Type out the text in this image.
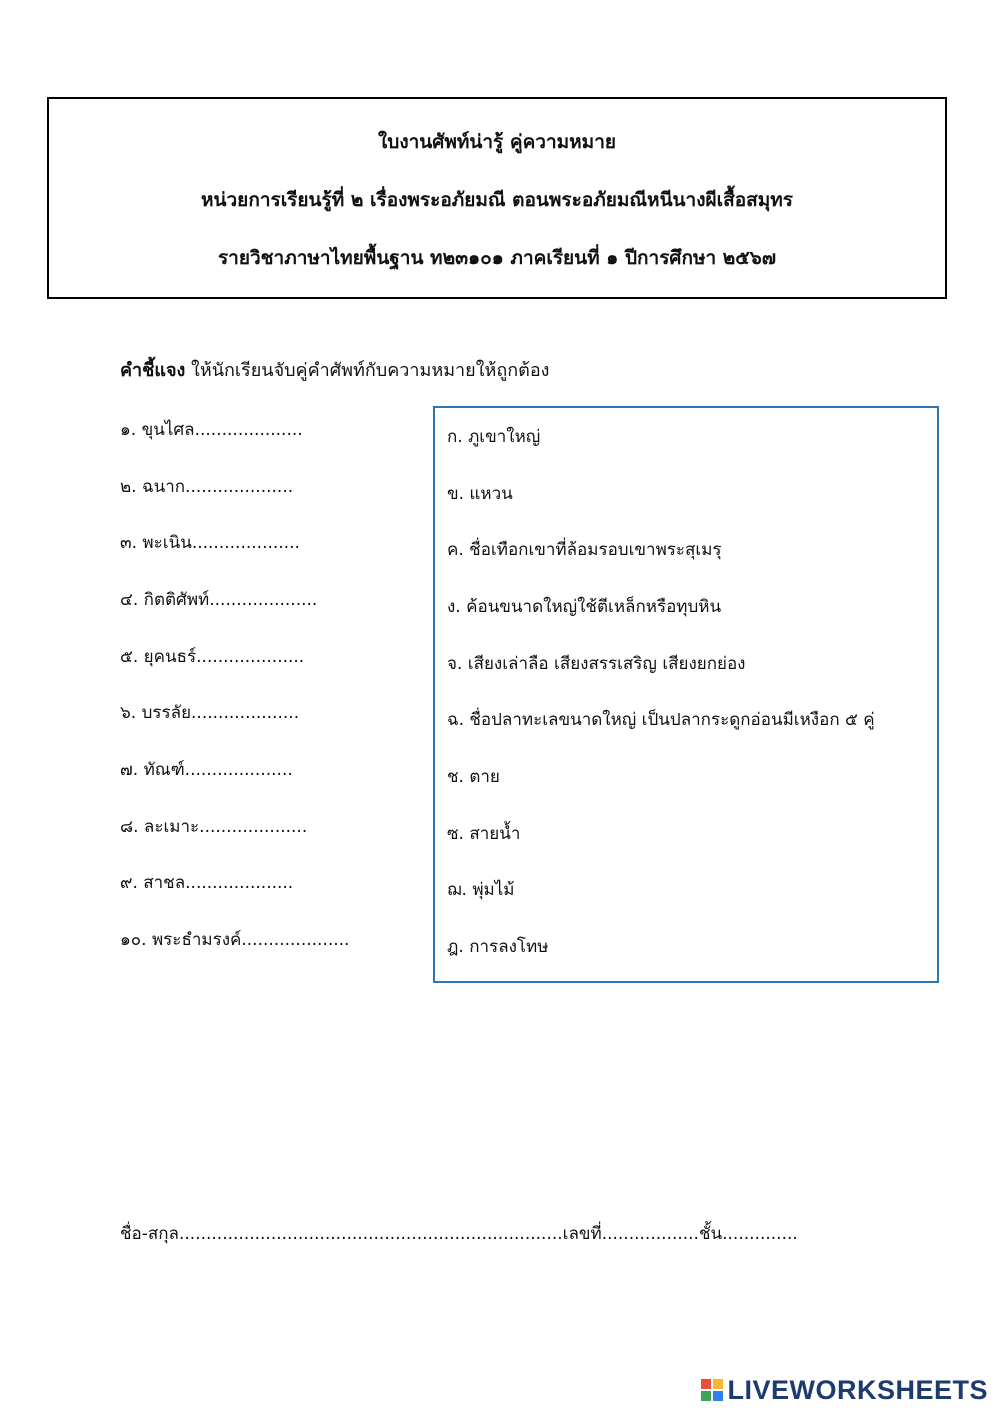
ใบงานศัพท์น่ารู้ คู่ความหมาย
หน่วยการเรียนรู้ที่ ๒ เรื่องพระอภัยมณี ตอนพระอภัยมณีหนีนางผีเสื้อสมุทร
รายวิชาภาษาไทยพื้นฐาน ท๒๓๑๐๑ ภาคเรียนที่ ๑ ปีการศึกษา ๒๕๖๗
คำชี้แจง ให้นักเรียนจับคู่คำศัพท์กับความหมายให้ถูกต้อง
๑. ขุนไศล....................
๒. ฉนาก....................
๓. พะเนิน....................
๔. กิตติศัพท์....................
๕. ยุคนธร์....................
๖. บรรลัย....................
๗. ทัณฑ์....................
๘. ละเมาะ....................
๙. สาชล....................
๑๐. พระธำมรงค์....................
ก. ภูเขาใหญ่
ข. แหวน
ค. ชื่อเทือกเขาที่ล้อมรอบเขาพระสุเมรุ
ง. ค้อนขนาดใหญ่ใช้ตีเหล็กหรือทุบหิน
จ. เสียงเล่าลือ เสียงสรรเสริญ เสียงยกย่อง
ฉ. ชื่อปลาทะเลขนาดใหญ่ เป็นปลากระดูกอ่อนมีเหงือก ๕ คู่
ช. ตาย
ซ. สายน้ำ
ฌ. พุ่มไม้
ฎ. การลงโทษ
ชื่อ-สกุล.......................................................................เลขที่..................ชั้น..............
LIVEWORKSHEETS
